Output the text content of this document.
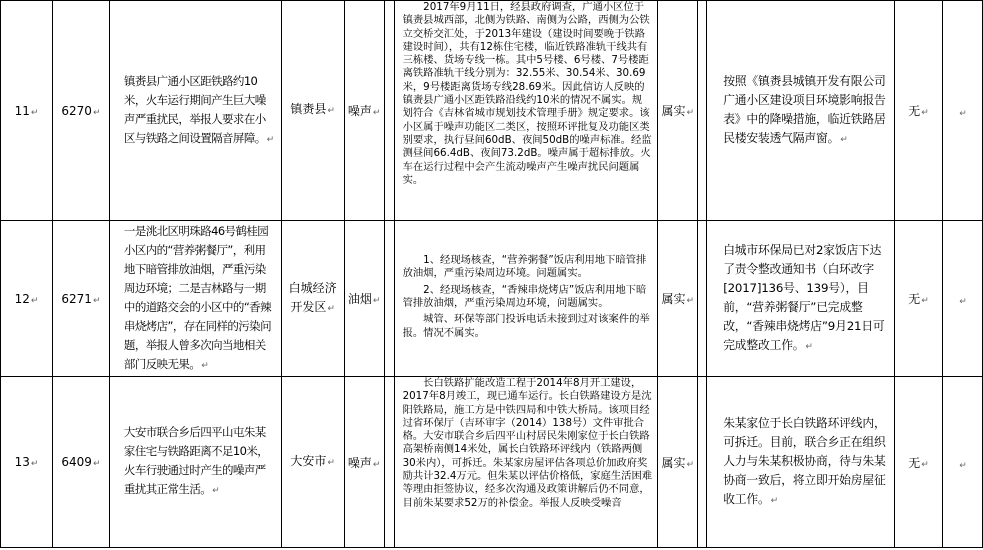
11↵	6270↵	镇赉县广通小区距铁路约10米，火车运行期间产生巨大噪声严重扰民，举报人要求在小区与铁路之间设置隔音屏障。↵	镇赉县↵	噪声↵		2017年9月11日，经县政府调查，广通小区位于镇赉县城西部，北侧为铁路、南侧为公路，西侧为公铁立交桥交汇处，于2013年建设（建设时间要晚于铁路建设时间），共有12栋住宅楼，临近铁路准轨干线共有三栋楼、货场专线一栋。其中5号楼、6号楼、7号楼距离铁路准轨干线分别为：32.55米、30.54米、30.69米，9号楼距离货场专线28.69米。因此信访人反映的镇赉县广通小区距铁路沿线约10米的情况不属实。规划符合《吉林省城市规划技术管理手册》规定要求。该小区属于噪声功能区二类区，按照环评批复及功能区类别要求，执行昼间60dB、夜间50dB的噪声标准。经监测昼间66.4dB、夜间73.2dB。噪声属于超标排放。火车在运行过程中会产生流动噪声产生噪声扰民问题属实。	属实↵		按照《镇赉县城镇开发有限公司广通小区建设项目环境影响报告表》中的降噪措施，临近铁路居民楼安装透气隔声窗。↵	无↵	↵
12↵	6271↵	一是洮北区明珠路46号鹤桂园小区内的“营养粥餐厅”，利用地下暗管排放油烟，严重污染周边环境；二是吉林路与一期中的道路交会的小区中的“香辣串烧烤店”，存在同样的污染问题，举报人曾多次向当地相关部门反映无果。↵	白城经济开发区↵	油烟↵		1、经现场核查，“营养粥餐”饭店利用地下暗管排放油烟，严重污染周边环境。问题属实。

2、经现场核查，“香辣串烧烤店”饭店利用地下暗管排放油烟，严重污染周边环境，问题属实。

城管、环保等部门投诉电话未接到过对该案件的举报。情况不属实。	属实↵		白城市环保局已对2家饭店下达了责令整改通知书（白环改字[2017]136号、139号），目前，“营养粥餐厅”已完成整改，“香辣串烧烤店”9月21日可完成整改工作。↵	无↵	↵
13↵	6409↵	大安市联合乡后四平山屯朱某家住宅与铁路距离不足10米，火车行驶通过时产生的噪声严重扰其正常生活。↵	大安市↵	噪声↵		长白铁路扩能改造工程于2014年8月开工建设，2017年8月竣工，现已通车运行。长白铁路建设方是沈阳铁路局，施工方是中铁四局和中铁大桥局。该项目经过省环保厅（吉环审字（2014）138号）文件审批合格。大安市联合乡后四平山村居民朱刚家位于长白铁路高架桥南侧14米处，属长白铁路环评线内（铁路两侧30米内），可拆迁。朱某家房屋评估各项总价加政府奖励共计32.4万元。但朱某以评估价格低，家庭生活困难等理由拒签协议，经多次沟通及政策讲解后仍不同意，目前朱某要求52万的补偿金。举报人反映受噪音	属实↵		朱某家位于长白铁路环评线内，可拆迁。目前，联合乡正在组织人力与朱某积极协商，待与朱某协商一致后，将立即开始房屋征收工作。↵	无↵	↵
